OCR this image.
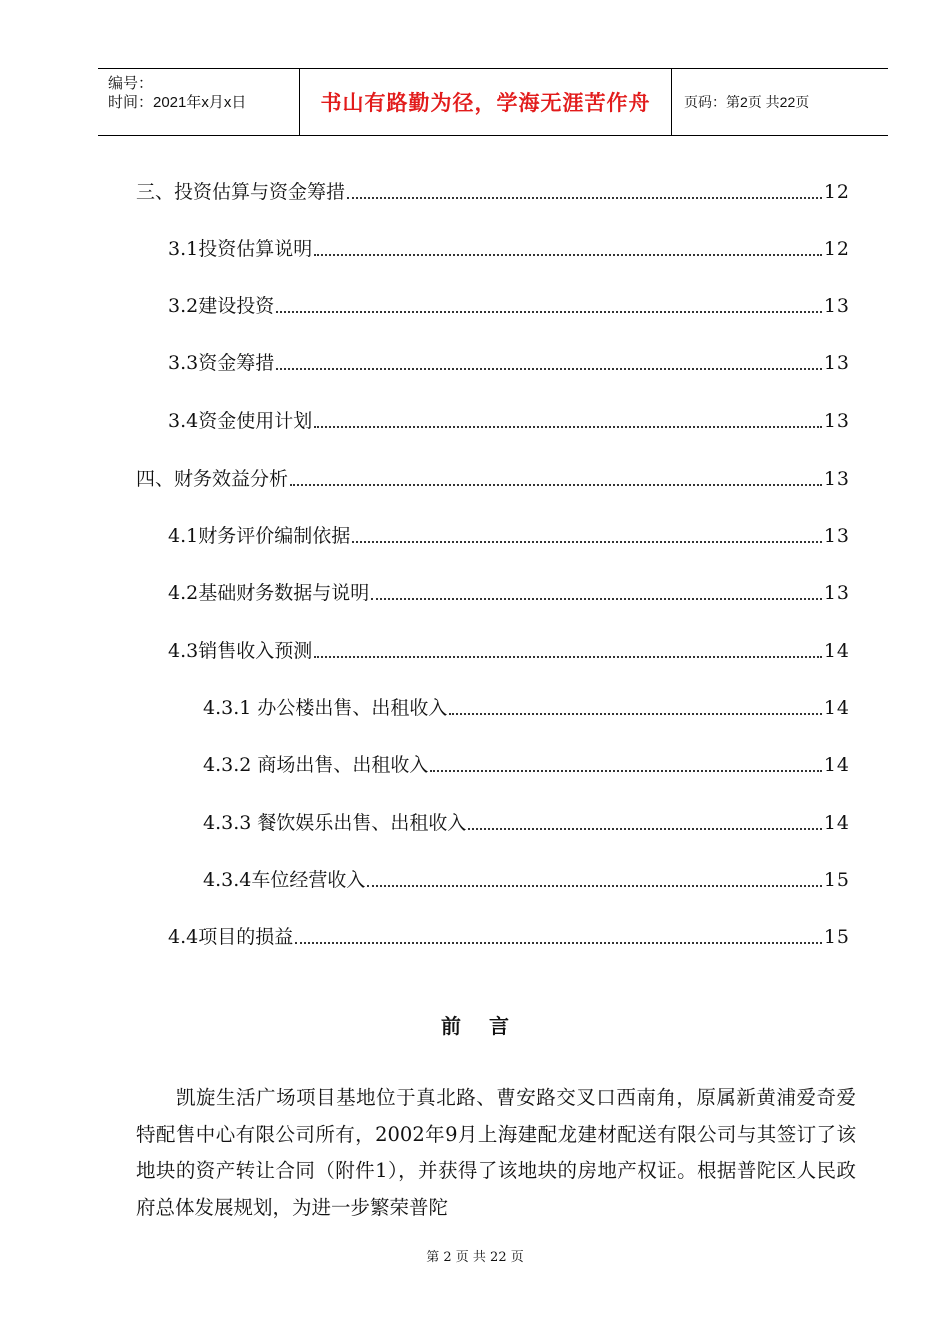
编号：
时间：2021年x月x日	书山有路勤为径，学海无涯苦作舟 页码：第2页 共22页
三、投资估算与资金筹措	12
3.1投资估算说明	12
3.2建设投资	13
3.3资金筹措	13
3.4资金使用计划	13
四、财务效益分析	13
4.1财务评价编制依据	13
4.2基础财务数据与说明	13
4.3销售收入预测	14
4.3.1 办公楼出售、出租收入	14
4.3.2 商场出售、出租收入	14
4.3.3 餐饮娱乐出售、出租收入	14
4.3.4车位经营收入	15
4.4项目的损益	15
前言
凯旋生活广场项目基地位于真北路、曹安路交叉口西南角，原属新黄浦爱奇爱特配售中心有限公司所有，2002年9月上海建配龙建材配送有限公司与其签订了该地块的资产转让合同（附件1），并获得了该地块的房地产权证。根据普陀区人民政府总体发展规划，为进一步繁荣普陀
第 2 页 共 22 页
